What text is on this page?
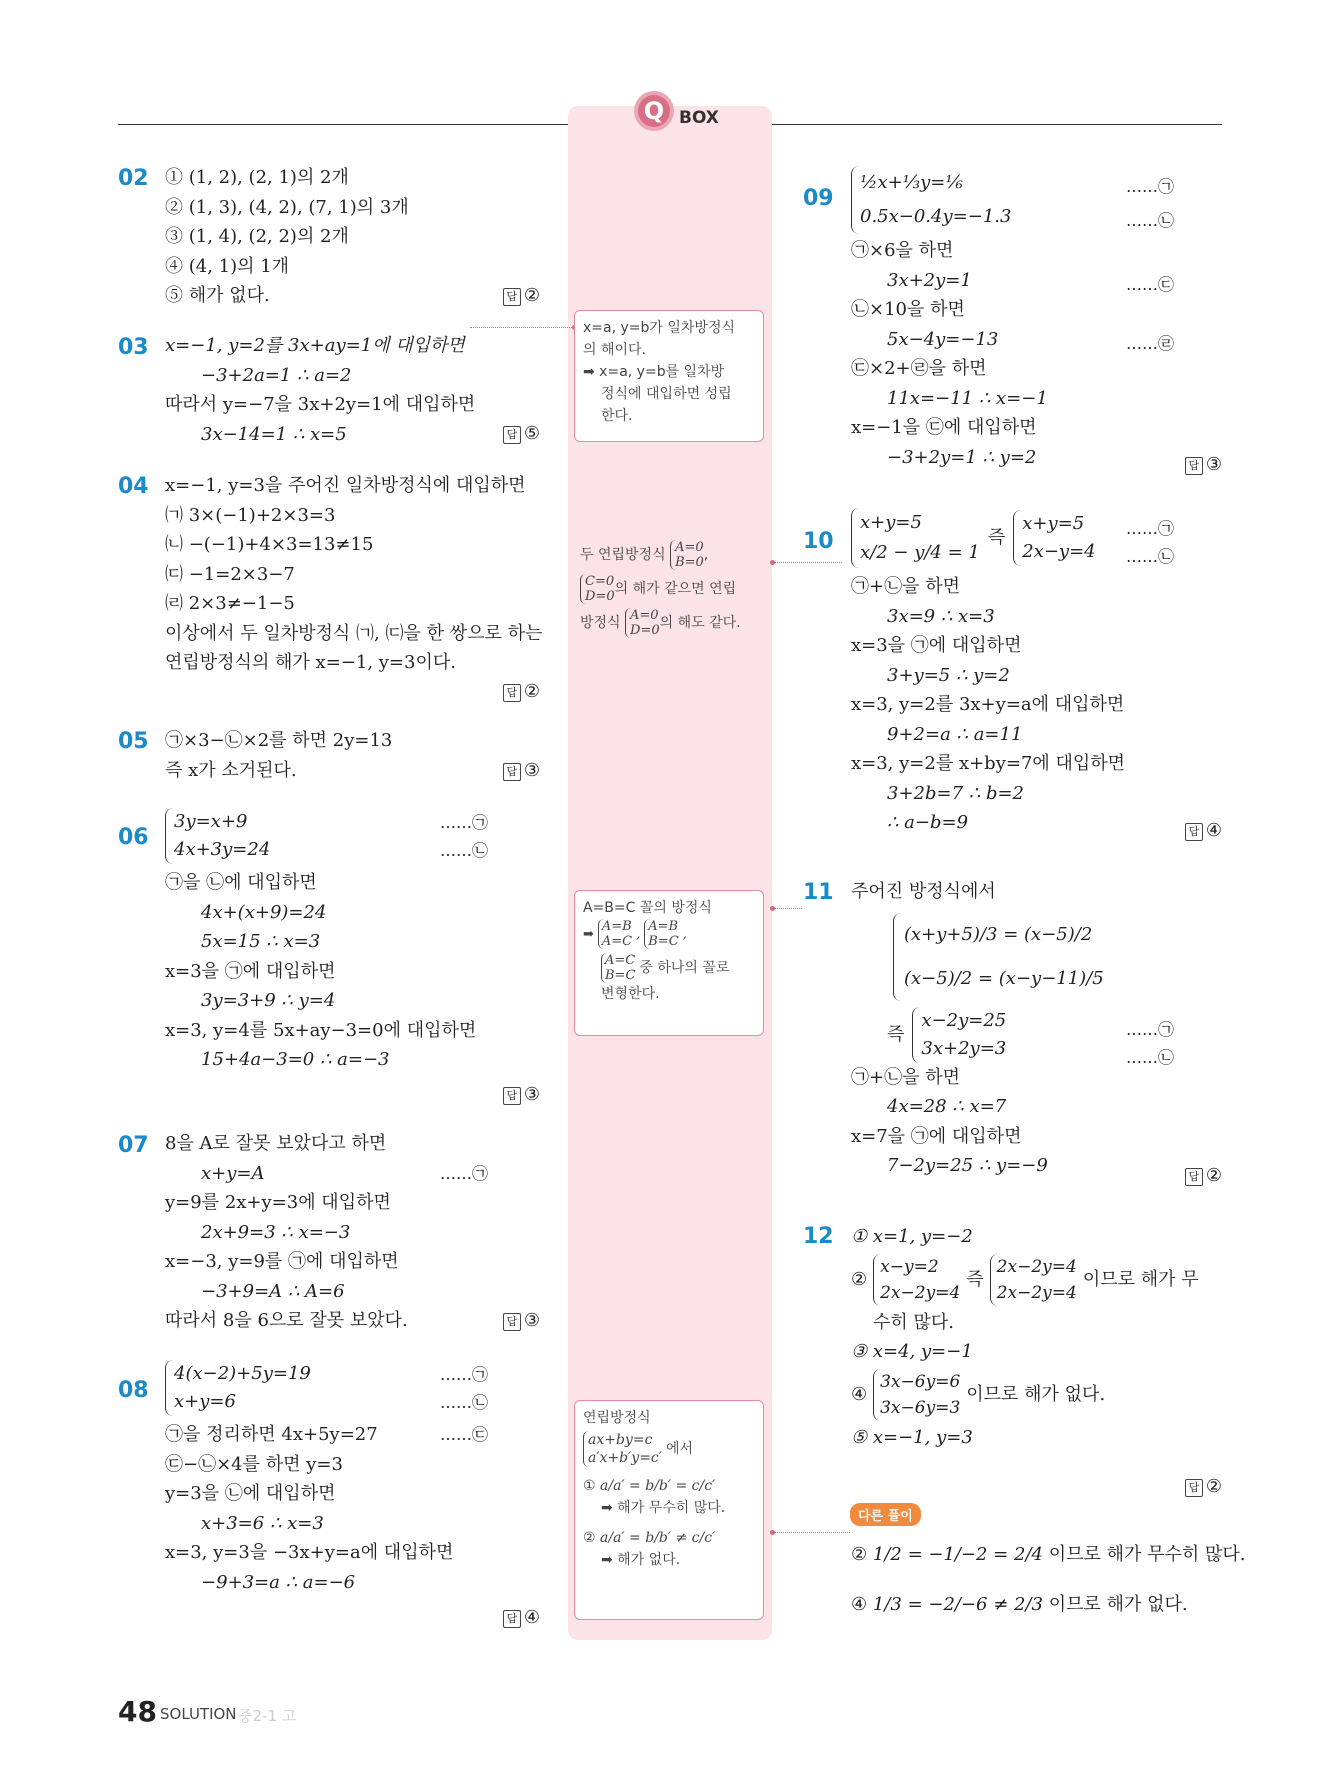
Q BOX
02 ① (1, 2), (2, 1)의 2개
② (1, 3), (4, 2), (7, 1)의 3개
③ (1, 4), (2, 2)의 2개
④ (4, 1)의 1개
⑤ 해가 없다.	답 ②
03 x=−1, y=2를 3x+ay=1에 대입하면
−3+2a=1 ∴ a=2
따라서 y=−7을 3x+2y=1에 대입하면
3x−14=1 ∴ x=5	답 ⑤
04 x=−1, y=3을 주어진 일차방정식에 대입하면
㈀ 3×(−1)+2×3=3
㈁ −(−1)+4×3=13≠15
㈂ −1=2×3−7
㈃ 2×3≠−1−5
이상에서 두 일차방정식 ㈀, ㈂을 한 쌍으로 하는
연립방정식의 해가 x=−1, y=3이다.
답 ②
05 ㉠×3−㉡×2를 하면 2y=13
즉 x가 소거된다.	답 ③
06
3y=x+9
4x+3y=24
……㉠
……㉡
㉠을 ㉡에 대입하면
4x+(x+9)=24
5x=15 ∴ x=3
x=3을 ㉠에 대입하면
3y=3+9 ∴ y=4
x=3, y=4를 5x+ay−3=0에 대입하면
15+4a−3=0 ∴ a=−3
답 ③
07 8을 A로 잘못 보았다고 하면
x+y=A
y=9를 2x+y=3에 대입하면
2x+9=3 ∴ x=−3
x=−3, y=9를 ㉠에 대입하면
−3+9=A ∴ A=6
따라서 8을 6으로 잘못 보았다.
……㉠
답 ③
08
4(x−2)+5y=19
x+y=6
……㉠
……㉡
……㉢
㉠을 정리하면 4x+5y=27
㉢−㉡×4를 하면 y=3
y=3을 ㉡에 대입하면
x+3=6 ∴ x=3
x=3, y=3을 −3x+y=a에 대입하면
−9+3=a ∴ a=−6
답 ④
x=a, y=b가 일차방정식
의 해이다.
➡ x=a, y=b를 일차방
정식에 대입하면 성립
한다.
두 연립방정식 A=0
B=0 ,
C=0
D=0 의 해가 같으면 연립
방정식 A=0
D=0 의 해도 같다.
A=B=C 꼴의 방정식
➡ A=B
A=C , A=B
B=C ,
A=C
B=C 중 하나의 꼴로
변형한다.
연립방정식
ax+by=c
a′x+b′y=c′
에서
① a/a′ = b/b′ = c/c′
➡ 해가 무수히 많다.
② a/a′ = b/b′ ≠ c/c′
➡ 해가 없다.
09
½x+⅓y=⅙
0.5x−0.4y=−1.3
……㉠
……㉡
㉠×6을 하면
3x+2y=1
㉡×10을 하면
5x−4y=−13
㉢×2+㉣을 하면
11x=−11 ∴ x=−1
x=−1을 ㉢에 대입하면
−3+2y=1 ∴ y=2
……㉢
……㉣
답 ③
10
x+y=5
x/2 − y/4 = 1
즉
x+y=5
2x−y=4
……㉠
……㉡
㉠+㉡을 하면
3x=9 ∴ x=3
x=3을 ㉠에 대입하면
3+y=5 ∴ y=2
x=3, y=2를 3x+y=a에 대입하면
9+2=a ∴ a=11
x=3, y=2를 x+by=7에 대입하면
3+2b=7 ∴ b=2
∴ a−b=9	답 ④
11 주어진 방정식에서
(x+y+5)/3 = (x−5)/2
(x−5)/2 = (x−y−11)/5
즉
x−2y=25
3x+2y=3
……㉠
……㉡
㉠+㉡을 하면
4x=28 ∴ x=7
x=7을 ㉠에 대입하면
7−2y=25 ∴ y=−9
답 ②
12 ① x=1, y=−2
②
x−y=2
2x−2y=4
즉
2x−2y=4
2x−2y=4
이므로 해가 무
수히 많다.
③ x=4, y=−1
④
3x−6y=6
3x−6y=3
이므로 해가 없다.
⑤ x=−1, y=3
답 ②
다른 풀이
② 1/2 = −1/−2 = 2/4 이므로 해가 무수히 많다.
④ 1/3 = −2/−6 ≠ 2/3 이므로 해가 없다.
48 SOLUTION 중2-1 고
